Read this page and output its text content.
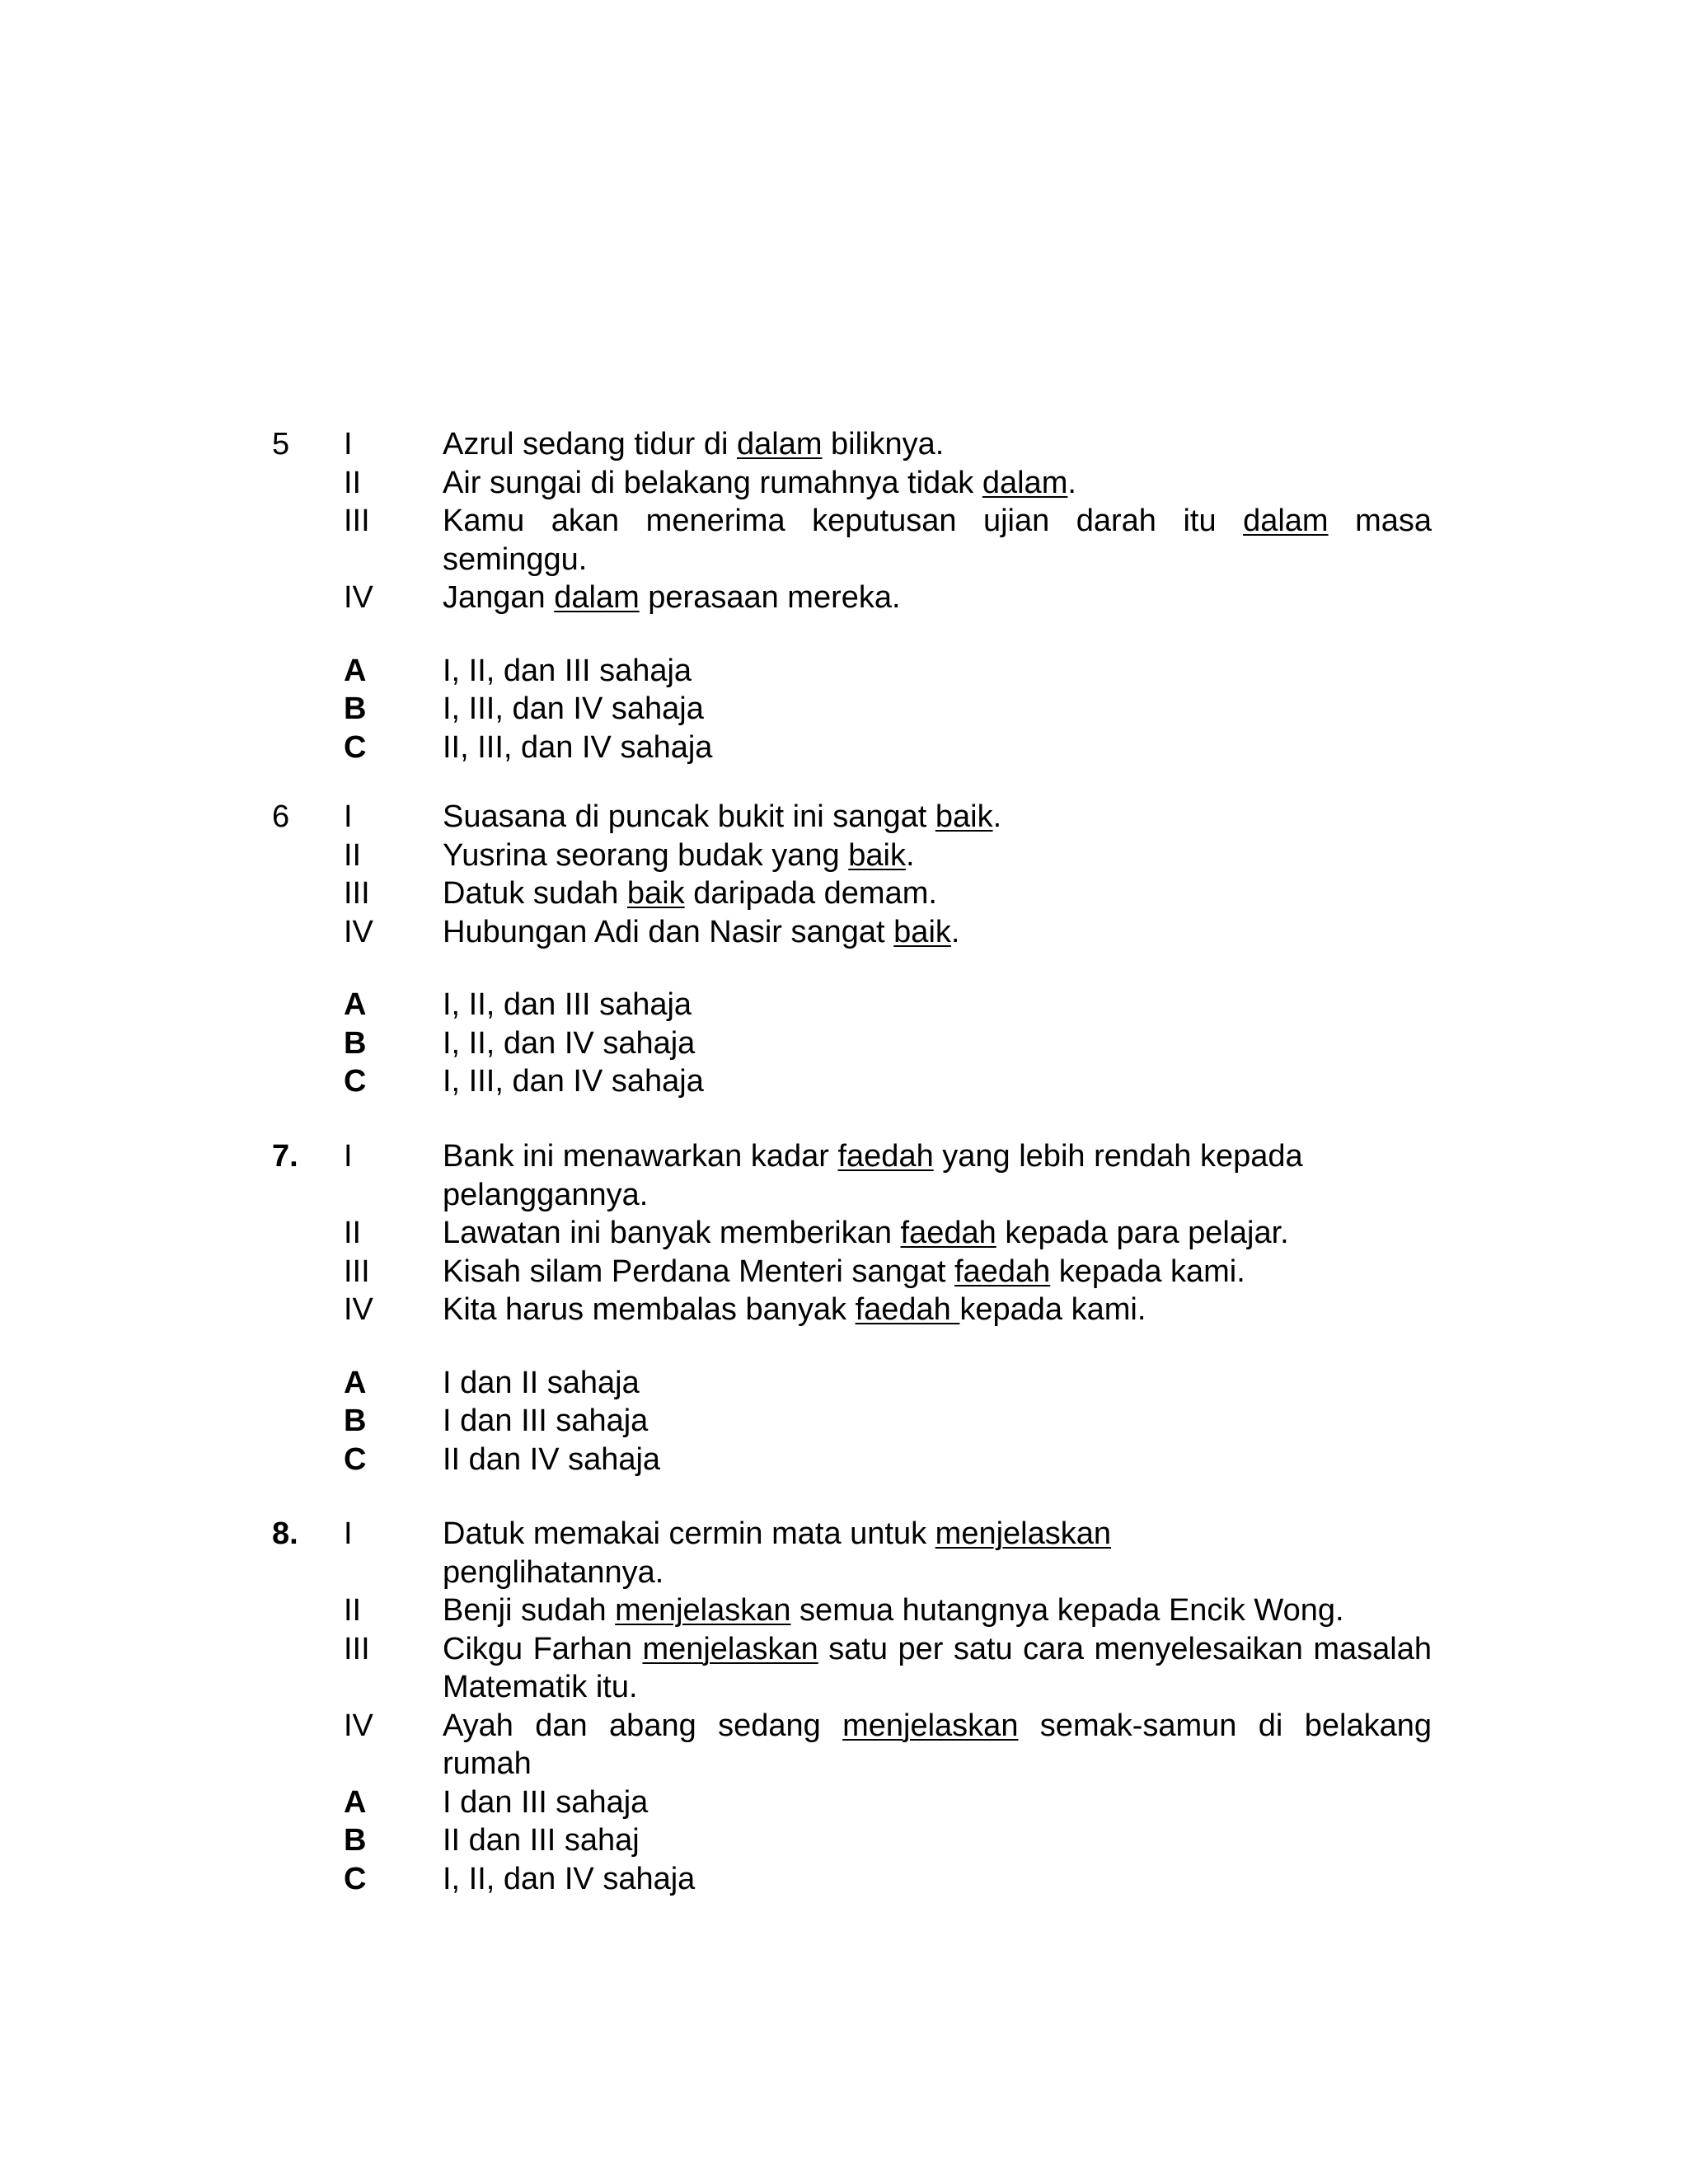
5 I	Azrul sedang tidur di dalam biliknya.
II	Air sungai di belakang rumahnya tidak dalam.
III Kamu akan menerima keputusan ujian darah itu dalam masa seminggu.
IV Jangan dalam perasaan mereka.
A I, II, dan III sahaja
B I, III, dan IV sahaja
C II, III, dan IV sahaja
6 I	Suasana di puncak bukit ini sangat baik.
II	Yusrina seorang budak yang baik.
III Datuk sudah baik daripada demam.
IV Hubungan Adi dan Nasir sangat baik.
A I, II, dan III sahaja
B I, II, dan IV sahaja
C I, III, dan IV sahaja
7. I	Bank ini menawarkan kadar faedah yang lebih rendah kepada
pelanggannya.
II	Lawatan ini banyak memberikan faedah kepada para pelajar.
III Kisah silam Perdana Menteri sangat faedah kepada kami.
IV Kita harus membalas banyak faedah kepada kami.
A I dan II sahaja
B I dan III sahaja
C II dan IV sahaja
8. I	Datuk memakai cermin mata untuk menjelaskan
penglihatannya.
II	Benji sudah menjelaskan semua hutangnya kepada Encik Wong.
III Cikgu Farhan menjelaskan satu per satu cara menyelesaikan masalah Matematik itu.
IV Ayah dan abang sedang menjelaskan semak-samun di belakang rumah
A I dan III sahaja
B II dan III sahaj
C I, II, dan IV sahaja
